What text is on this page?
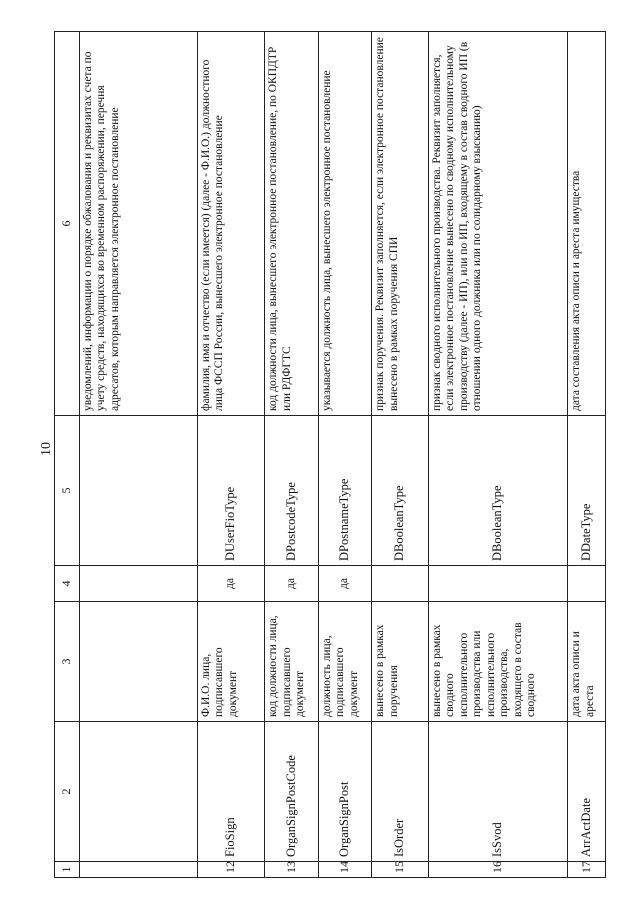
10
1	2	3	4	5	6
					уведомлений, информации о порядке обжалования и реквизитах счета по учету средств, находящихся во временном распоряжении, перечня адресатов, которым направляется электронное постановление
12	FioSign	Ф.И.О. лица, подписавшего документ	да	DUserFioType	фамилия, имя и отчество (если имеется) (далее - Ф.И.О.) должностного лица ФССП России, вынесшего электронное постановление
13	OrganSignPostCode	код должности лица, подписавшего документ	да	DPostcodeType	код должности лица, вынесшего электронное постановление, по ОКПДТР или РДФГТС
14	OrganSignPost	должность лица, подписавшего документ	да	DPostnameType	указывается должность лица, вынесшего электронное постановление
15	IsOrder	вынесено в рамках поручения		DBooleanType	признак поручения. Реквизит заполняется, если электронное постановление вынесено в рамках поручения СПИ
16	IsSvod	вынесено в рамках сводного исполнительного производства или исполнительного производства, входящего в состав сводного		DBooleanType	признак сводного исполнительного производства. Реквизит заполняется, если электронное постановление вынесено по сводному исполнительному производству (далее - ИП), или по ИП, входящему в состав сводного ИП (в отношении одного должника или по солидарному взысканию)
17	ArrActDate	дата акта описи и ареста		DDateType	дата составления акта описи и ареста имущества
